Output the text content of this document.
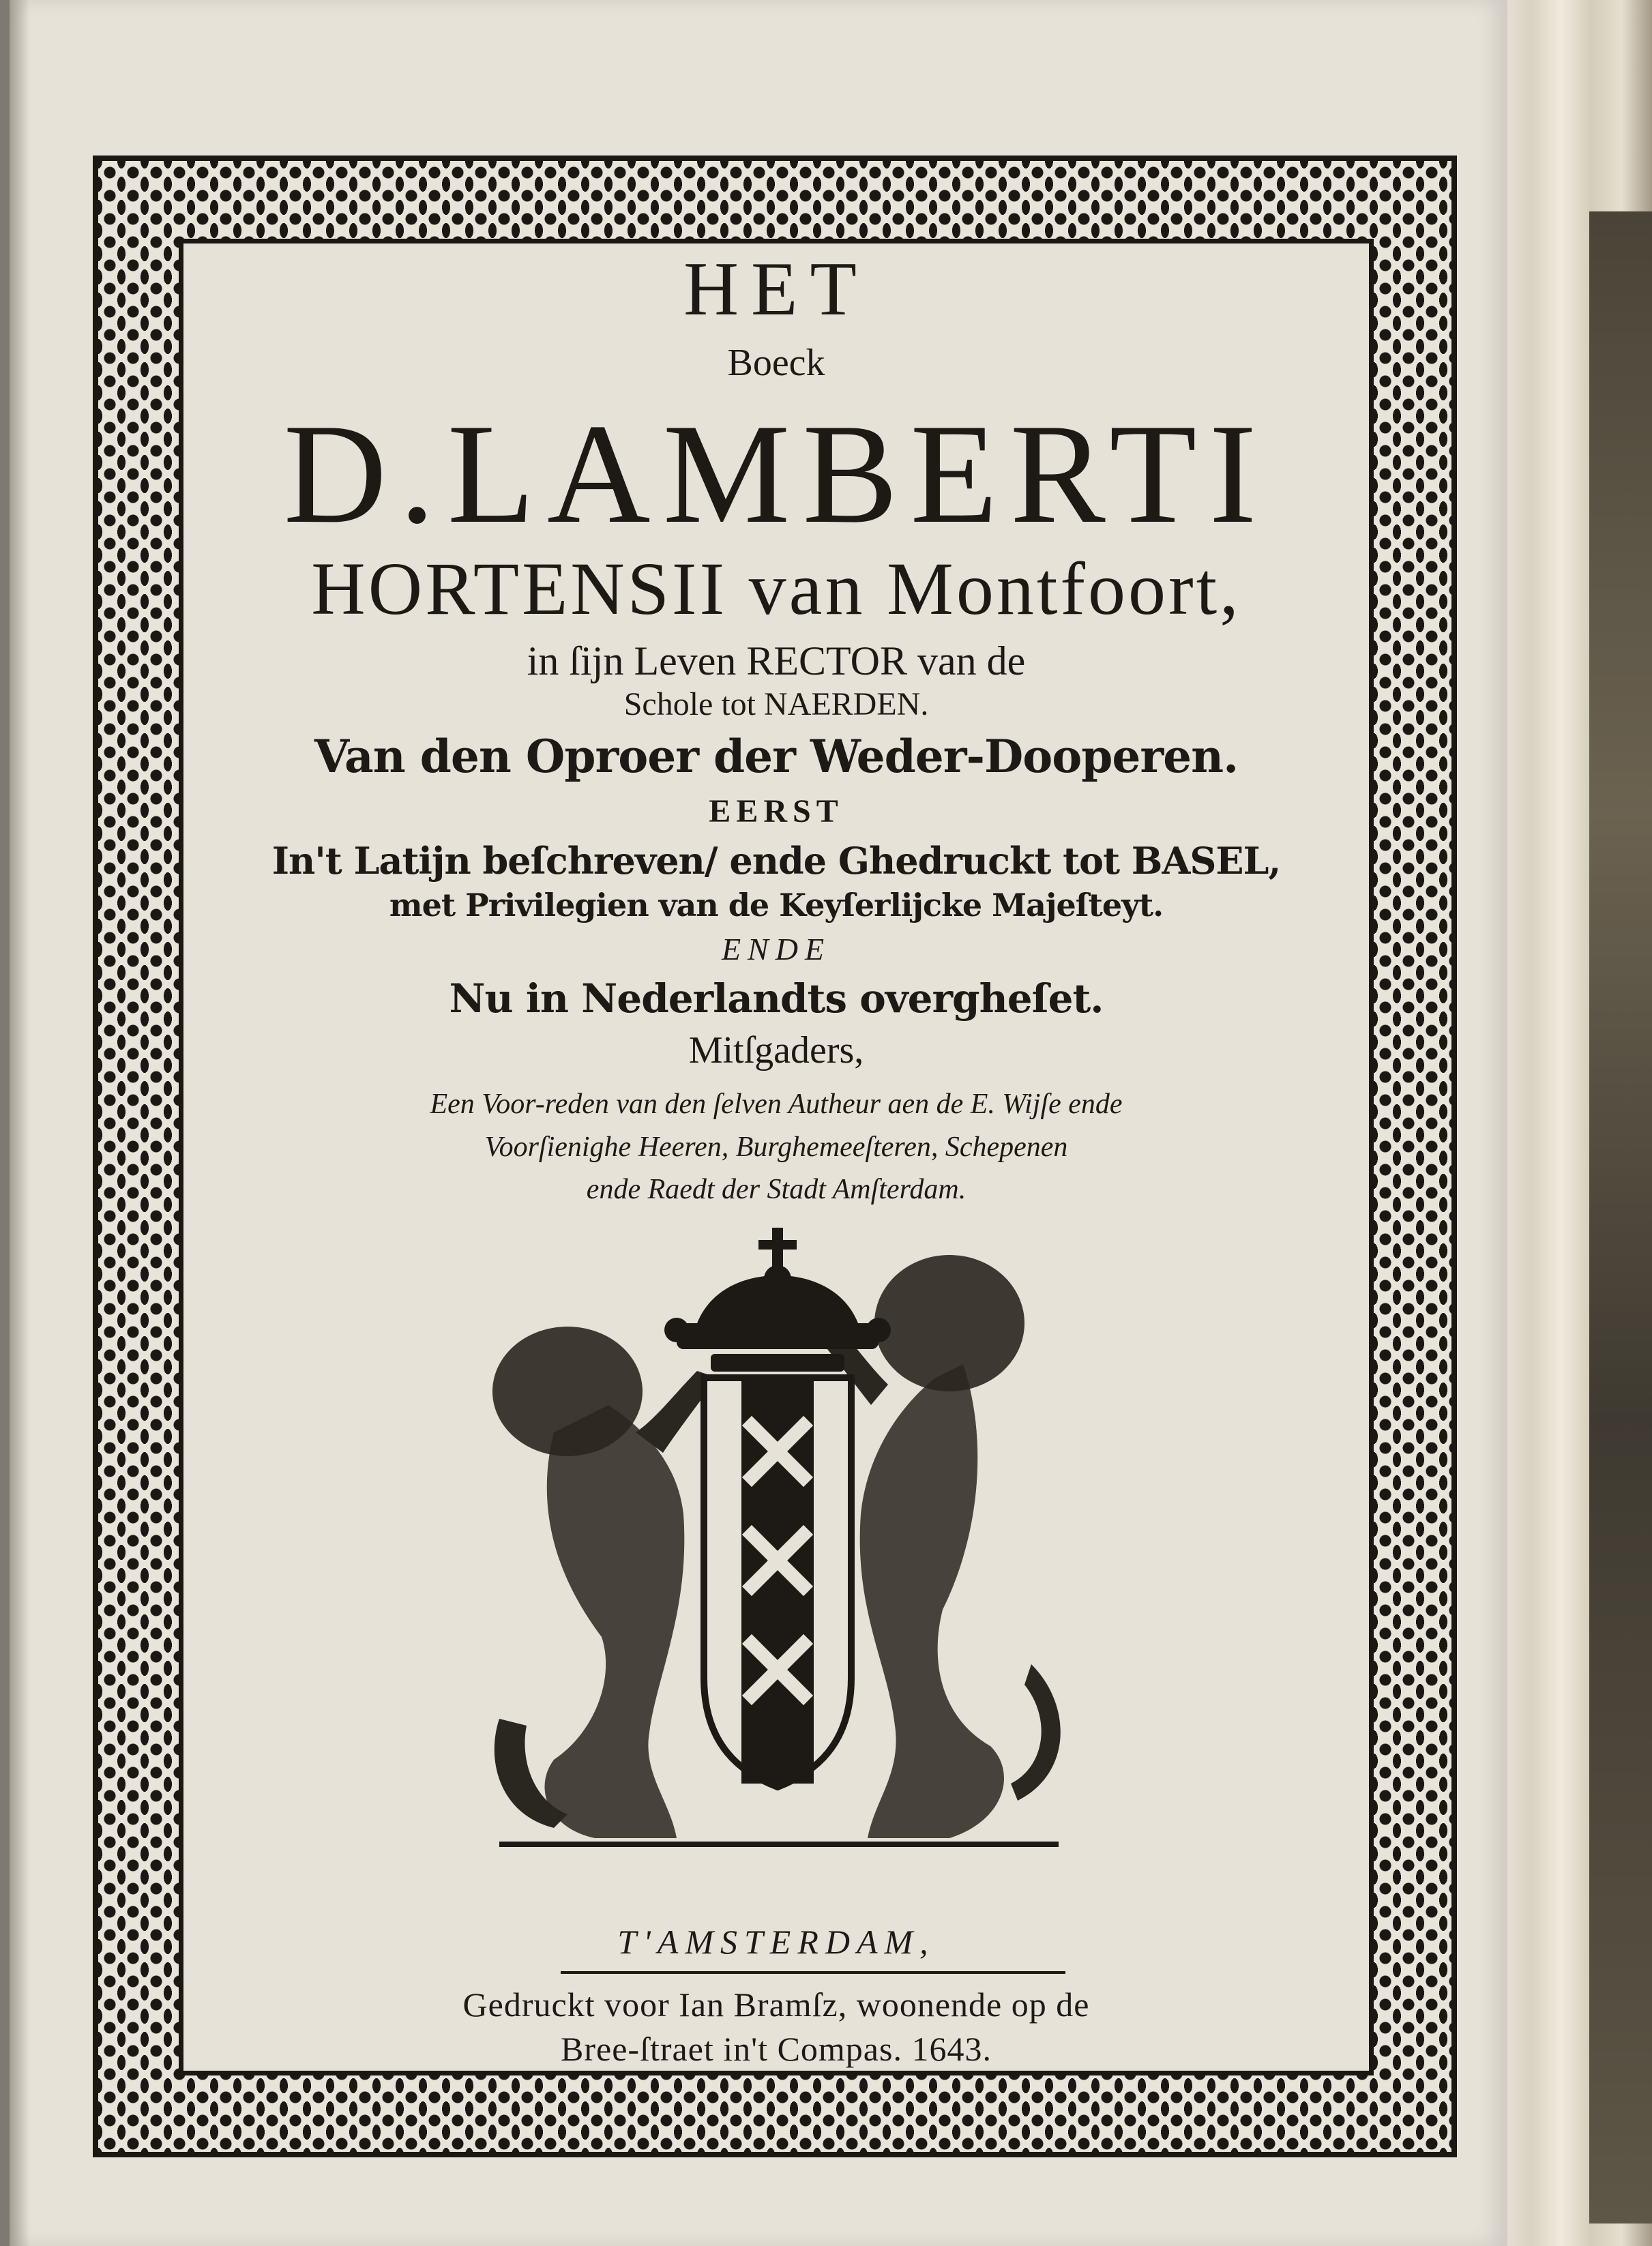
HET
Boeck
D.LAMBERTI
HORTENSII van Montfoort,
in ſijn Leven RECTOR van de
Schole tot NAERDEN.
Van den Oproer der Weder-Dooperen.
EERST
In't Latijn beſchreven/ ende Ghedruckt tot BASEL,
met Privilegien van de Keyſerlijcke Majeſteyt.
ENDE
Nu in Nederlandts overgheſet.
Mitſgaders,
Een Voor-reden van den ſelven Autheur aen de E. Wijſe ende
Voorſienighe Heeren, Burghemeeſteren, Schepenen
ende Raedt der Stadt Amſterdam.
T'AMSTERDAM,
Gedruckt voor Ian Bramſz, woonende op de
Bree-ſtraet in't Compas. 1643.
